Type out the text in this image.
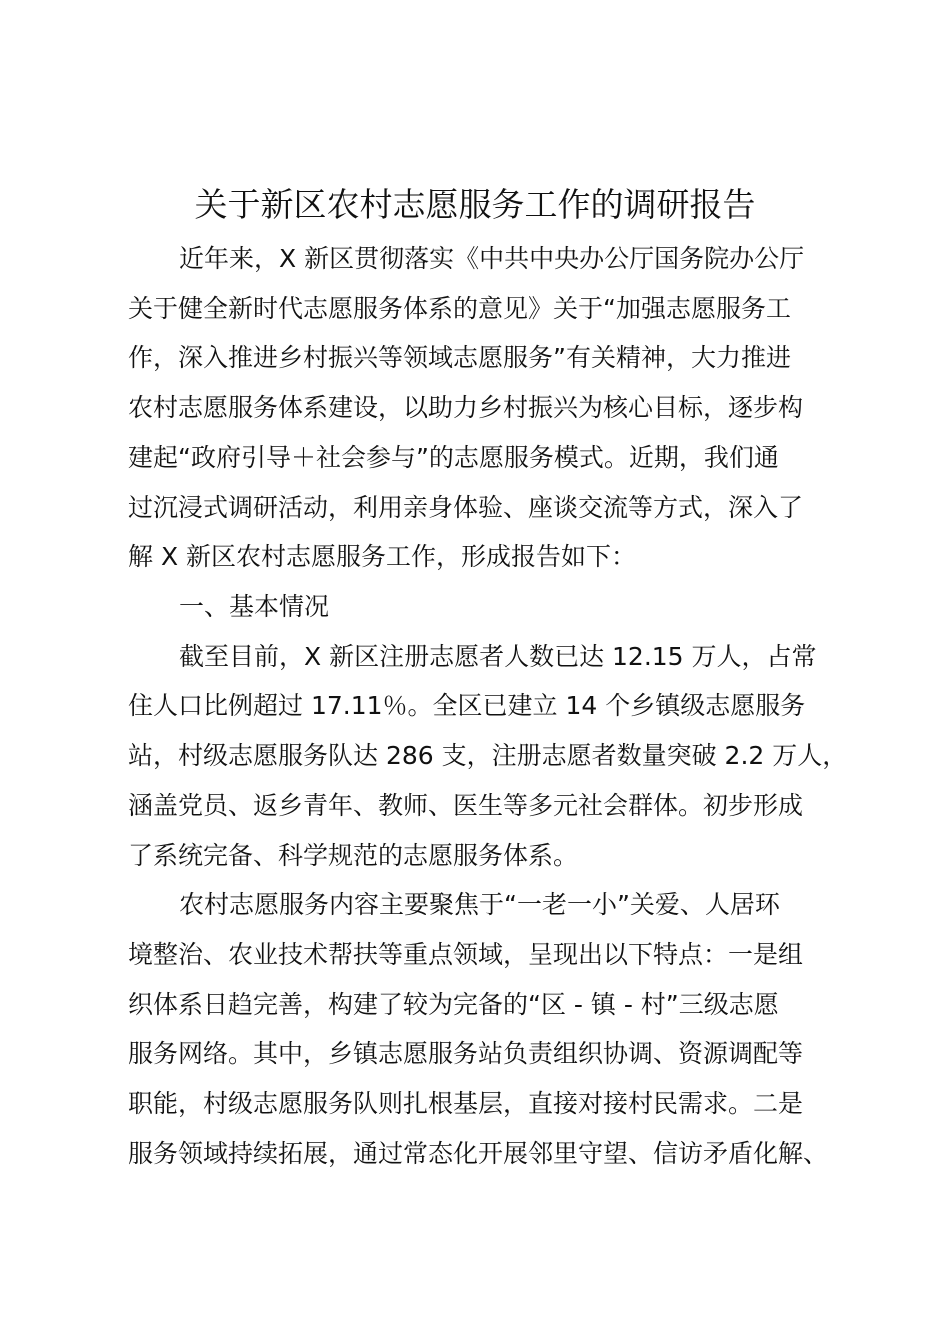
关于新区农村志愿服务工作的调研报告

近年来，X 新区贯彻落实《中共中央办公厅国务院办公厅

关于健全新时代志愿服务体系的意见》关于“加强志愿服务工

作，深入推进乡村振兴等领域志愿服务”有关精神，大力推进

农村志愿服务体系建设，以助力乡村振兴为核心目标，逐步构

建起“政府引导＋社会参与”的志愿服务模式。近期，我们通

过沉浸式调研活动，利用亲身体验、座谈交流等方式，深入了

解 X 新区农村志愿服务工作，形成报告如下：

一、基本情况

截至目前，X 新区注册志愿者人数已达 12.15 万人，占常

住人口比例超过 17.11％。全区已建立 14 个乡镇级志愿服务

站，村级志愿服务队达 286 支，注册志愿者数量突破 2.2 万人，

涵盖党员、返乡青年、教师、医生等多元社会群体。初步形成

了系统完备、科学规范的志愿服务体系。

农村志愿服务内容主要聚焦于“一老一小”关爱、人居环

境整治、农业技术帮扶等重点领域，呈现出以下特点：一是组

织体系日趋完善，构建了较为完备的“区 - 镇 - 村”三级志愿

服务网络。其中，乡镇志愿服务站负责组织协调、资源调配等

职能，村级志愿服务队则扎根基层，直接对接村民需求。二是

服务领域持续拓展，通过常态化开展邻里守望、信访矛盾化解、
